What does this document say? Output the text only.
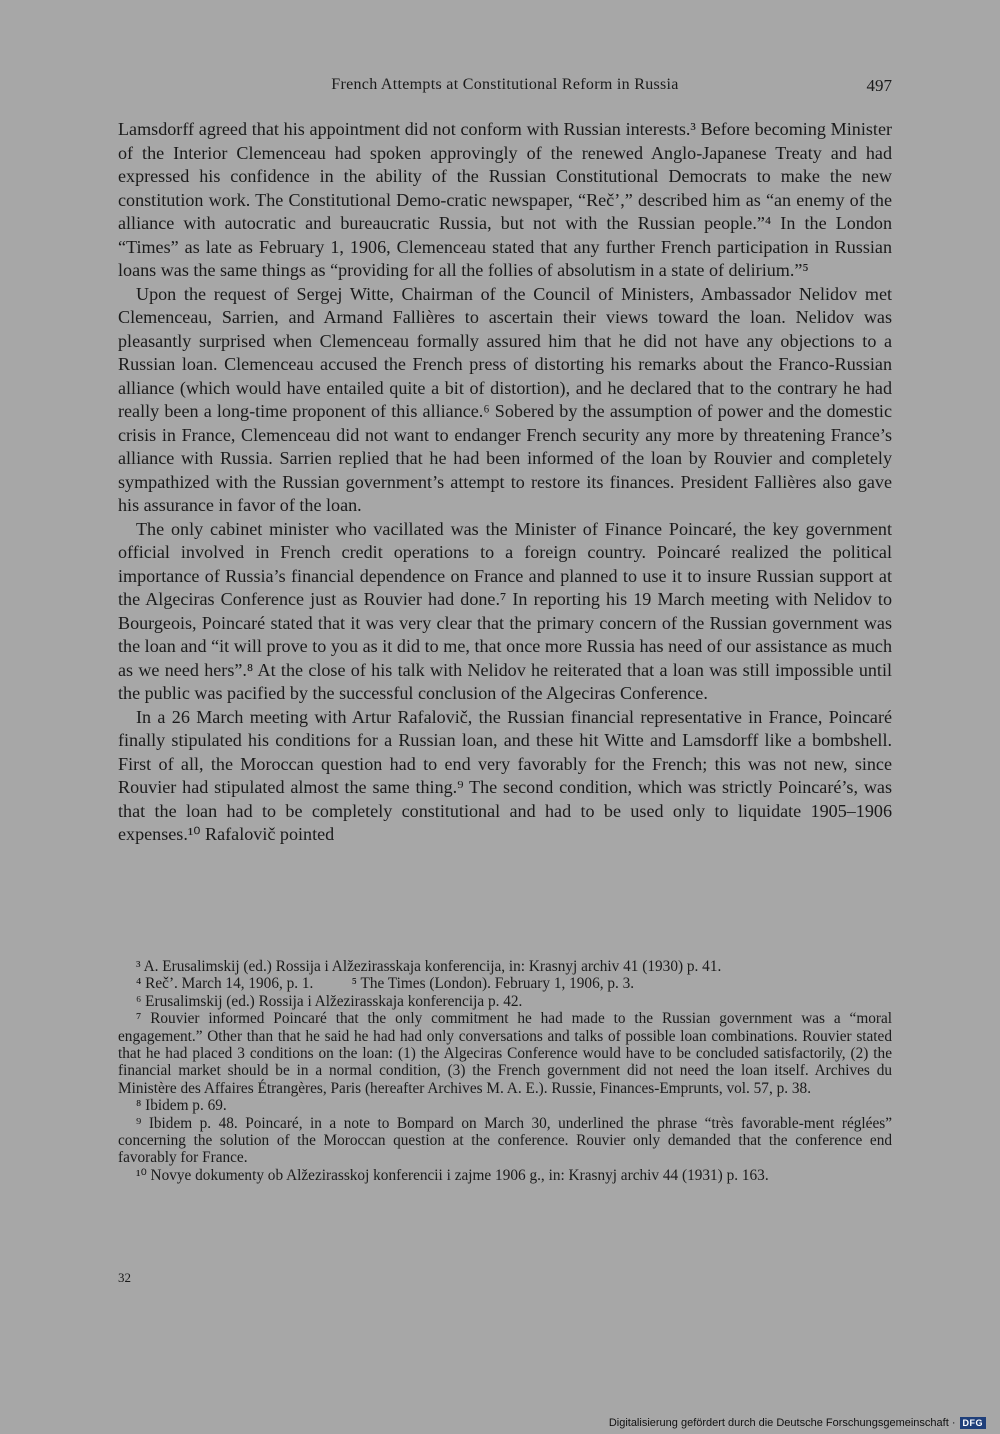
French Attempts at Constitutional Reform in Russia	497

Lamsdorff agreed that his appointment did not conform with Russian interests.³ Before becoming Minister of the Interior Clemenceau had spoken approvingly of the renewed Anglo-Japanese Treaty and had expressed his confidence in the ability of the Russian Constitutional Democrats to make the new constitution work. The Constitutional Demo-cratic newspaper, “Reč’,” described him as “an enemy of the alliance with autocratic and bureaucratic Russia, but not with the Russian people.”⁴ In the London “Times” as late as February 1, 1906, Clemenceau stated that any further French participation in Russian loans was the same things as “providing for all the follies of absolutism in a state of delirium.”⁵

Upon the request of Sergej Witte, Chairman of the Council of Ministers, Ambassador Nelidov met Clemenceau, Sarrien, and Armand Fallières to ascertain their views toward the loan. Nelidov was pleasantly surprised when Clemenceau formally assured him that he did not have any objections to a Russian loan. Clemenceau accused the French press of distorting his remarks about the Franco-Russian alliance (which would have entailed quite a bit of distortion), and he declared that to the contrary he had really been a long-time proponent of this alliance.⁶ Sobered by the assumption of power and the domestic crisis in France, Clemenceau did not want to endanger French security any more by threatening France’s alliance with Russia. Sarrien replied that he had been informed of the loan by Rouvier and completely sympathized with the Russian government’s attempt to restore its finances. President Fallières also gave his assurance in favor of the loan.

The only cabinet minister who vacillated was the Minister of Finance Poincaré, the key government official involved in French credit operations to a foreign country. Poincaré realized the political importance of Russia’s financial dependence on France and planned to use it to insure Russian support at the Algeciras Conference just as Rouvier had done.⁷ In reporting his 19 March meeting with Nelidov to Bourgeois, Poincaré stated that it was very clear that the primary concern of the Russian government was the loan and “it will prove to you as it did to me, that once more Russia has need of our assistance as much as we need hers”.⁸ At the close of his talk with Nelidov he reiterated that a loan was still impossible until the public was pacified by the successful conclusion of the Algeciras Conference.

In a 26 March meeting with Artur Rafalovič, the Russian financial representative in France, Poincaré finally stipulated his conditions for a Russian loan, and these hit Witte and Lamsdorff like a bombshell. First of all, the Moroccan question had to end very favorably for the French; this was not new, since Rouvier had stipulated almost the same thing.⁹ The second condition, which was strictly Poincaré’s, was that the loan had to be completely constitutional and had to be used only to liquidate 1905–1906 expenses.¹⁰ Rafalovič pointed

³ A. Erusalimskij (ed.) Rossija i Alžezirasskaja konferencija, in: Krasnyj archiv 41 (1930) p. 41.

⁴ Reč’. March 14, 1906, p. 1.          ⁵ The Times (London). February 1, 1906, p. 3.

⁶ Erusalimskij (ed.) Rossija i Alžezirasskaja konferencija p. 42.

⁷ Rouvier informed Poincaré that the only commitment he had made to the Russian government was a “moral engagement.” Other than that he said he had had only conversations and talks of possible loan combinations. Rouvier stated that he had placed 3 conditions on the loan: (1) the Algeciras Conference would have to be concluded satisfactorily, (2) the financial market should be in a normal condition, (3) the French government did not need the loan itself. Archives du Ministère des Affaires Étrangères, Paris (hereafter Archives M. A. E.). Russie, Finances-Emprunts, vol. 57, p. 38.

⁸ Ibidem p. 69.

⁹ Ibidem p. 48. Poincaré, in a note to Bompard on March 30, underlined the phrase “très favorable-ment réglées” concerning the solution of the Moroccan question at the conference. Rouvier only demanded that the conference end favorably for France.

¹⁰ Novye dokumenty ob Alžezirasskoj konferencii i zajme 1906 g., in: Krasnyj archiv 44 (1931) p. 163.

32
Digitalisierung gefördert durch die Deutsche Forschungsgemeinschaft · DFG
